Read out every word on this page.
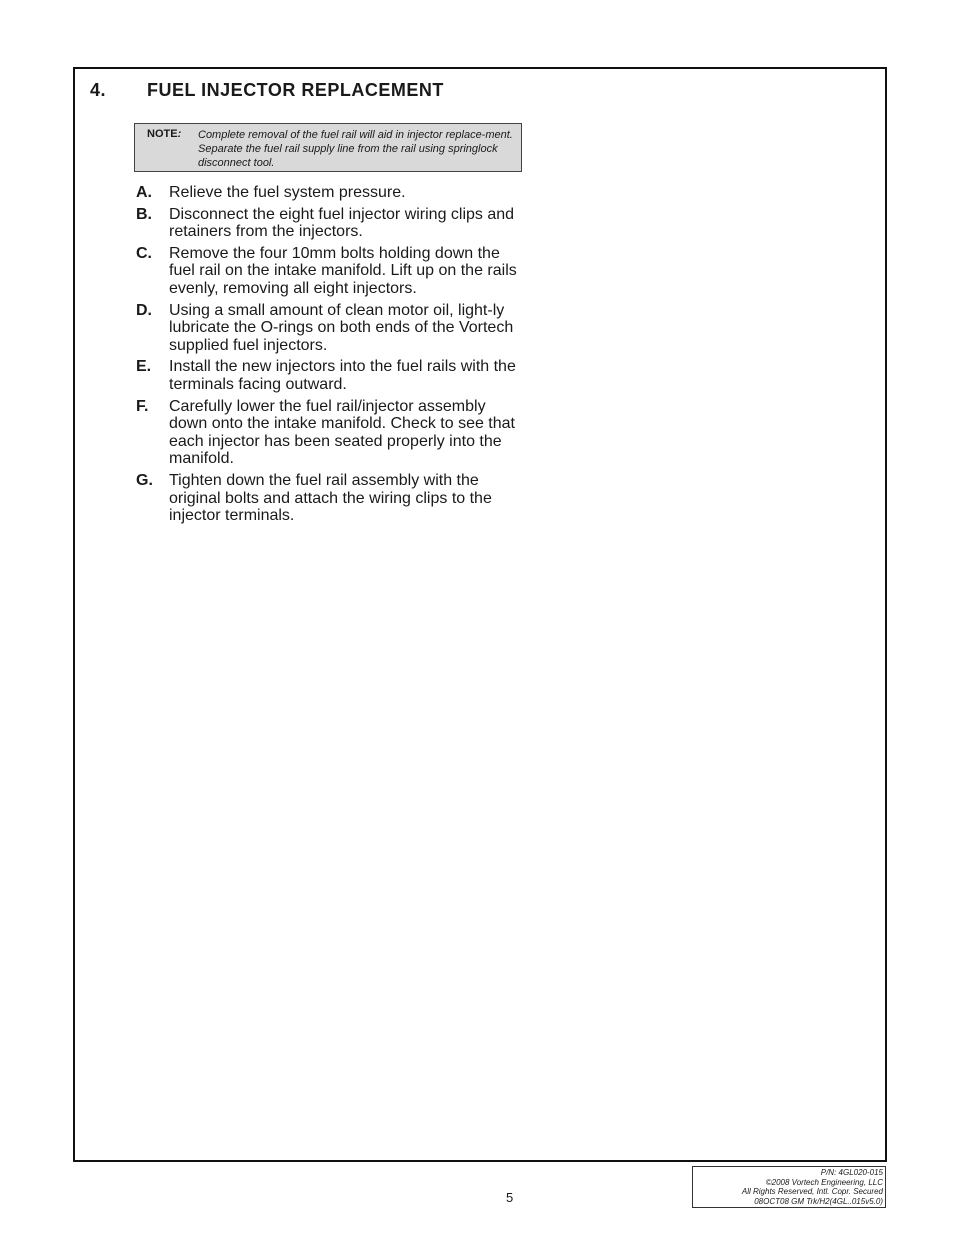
4. FUEL INJECTOR REPLACEMENT
NOTE: Complete removal of the fuel rail will aid in injector replace-ment. Separate the fuel rail supply line from the rail using springlock disconnect tool.
A.	Relieve the fuel system pressure.
B.	Disconnect the eight fuel injector wiring clips and retainers from the injectors.
C.	Remove the four 10mm bolts holding down the fuel rail on the intake manifold. Lift up on the rails evenly, removing all eight injectors.
D.	Using a small amount of clean motor oil, light-ly lubricate the O-rings on both ends of the Vortech supplied fuel injectors.
E.	Install the new injectors into the fuel rails with the terminals facing outward.
F.	Carefully lower the fuel rail/injector assembly down onto the intake manifold. Check to see that each injector has been seated properly into the manifold.
G.	Tighten down the fuel rail assembly with the original bolts and attach the wiring clips to the injector terminals.
5
P/N: 4GL020-015
©2008 Vortech Engineering, LLC
All Rights Reserved, Intl. Copr. Secured
08OCT08 GM Trk/H2(4GL..015v5.0)
